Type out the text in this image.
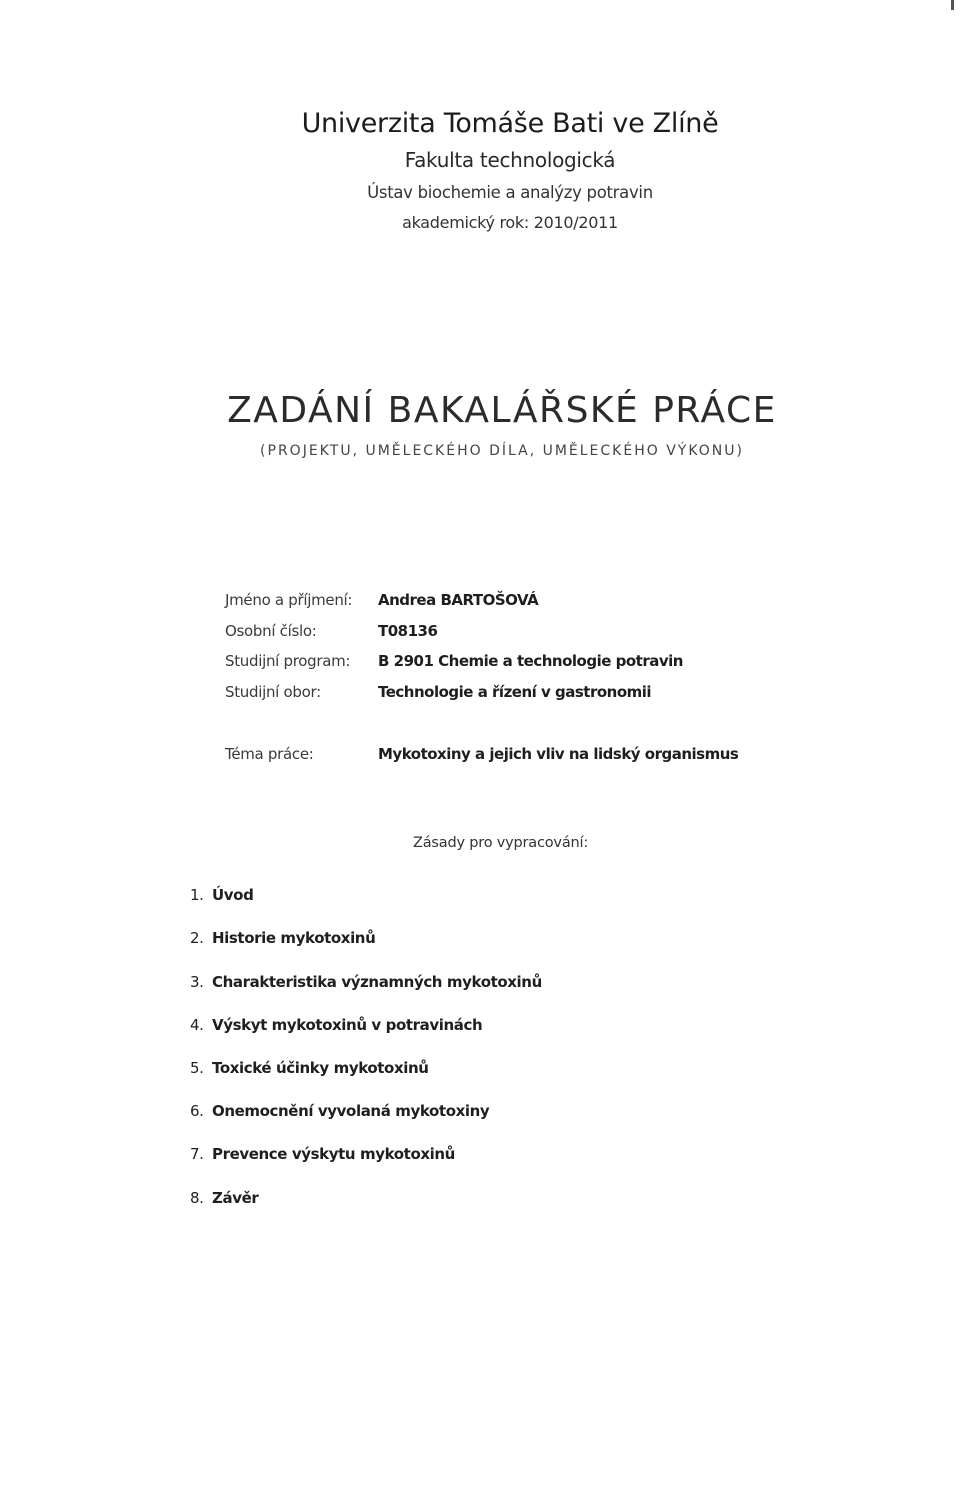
Univerzita Tomáše Bati ve Zlíně
Fakulta technologická
Ústav biochemie a analýzy potravin
akademický rok: 2010/2011
ZADÁNÍ BAKALÁŘSKÉ PRÁCE
(PROJEKTU, UMĚLECKÉHO DÍLA, UMĚLECKÉHO VÝKONU)
Jméno a příjmení: Andrea BARTOŠOVÁ
Osobní číslo:	T08136
Studijní program: B 2901 Chemie a technologie potravin
Studijní obor:	Technologie a řízení v gastronomii
Téma práce:	Mykotoxiny a jejich vliv na lidský organismus
Zásady pro vypracování:
1. Úvod
2. Historie mykotoxinů
3. Charakteristika významných mykotoxinů
4. Výskyt mykotoxinů v potravinách
5. Toxické účinky mykotoxinů
6. Onemocnění vyvolaná mykotoxiny
7. Prevence výskytu mykotoxinů
8. Závěr
